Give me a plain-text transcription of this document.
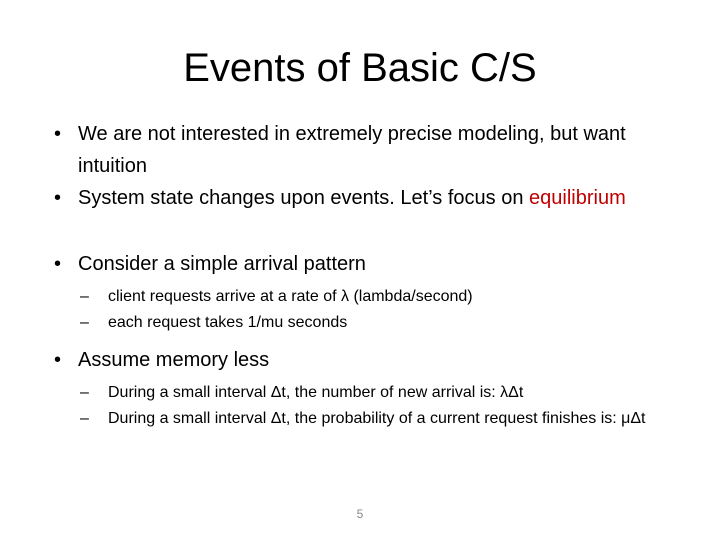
Events of Basic C/S
• We are not interested in extremely precise modeling, but want intuition
• System state changes upon events. Let’s focus on equilibrium
• Consider a simple arrival pattern
– client requests arrive at a rate of λ (lambda/second)
– each request takes 1/mu seconds
• Assume memory less
– During a small interval Δt, the number of new arrival is: λΔt
– During a small interval Δt, the probability of a current request finishes is: μΔt
5
